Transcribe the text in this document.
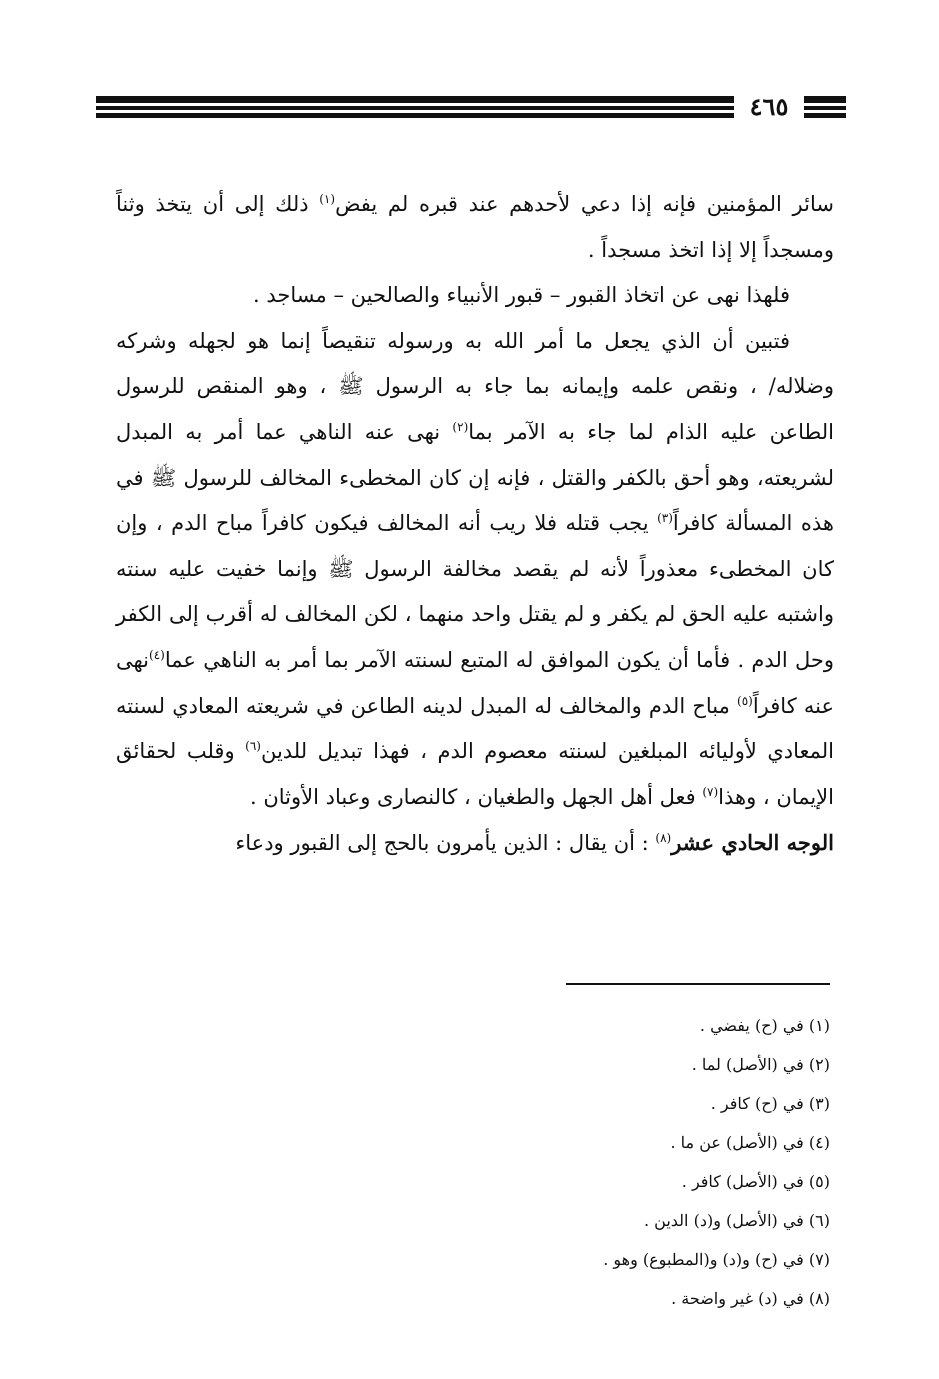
٤٦٥

سائر المؤمنين فإنه إذا دعي لأحدهم عند قبره لم يفض$^{(١)}$ ذلك إلى أن يتخذ وثناً ومسجداً إلا إذا اتخذ مسجداً .

فلهذا نهى عن اتخاذ القبور – قبور الأنبياء والصالحين – مساجد .

فتبين أن الذي يجعل ما أمر الله به ورسوله تنقيصاً إنما هو لجهله وشركه وضلاله/ ، ونقص علمه وإيمانه بما جاء به الرسول ﷺ ، وهو المنقص للرسول الطاعن عليه الذام لما جاء به الآمر بما$^{(٢)}$ نهى عنه الناهي عما أمر به المبدل لشريعته، وهو أحق بالكفر والقتل ، فإنه إن كان المخطىء المخالف للرسول ﷺ في هذه المسألة كافراً$^{(٣)}$ يجب قتله فلا ريب أنه المخالف فيكون كافراً مباح الدم ، وإن كان المخطىء معذوراً لأنه لم يقصد مخالفة الرسول ﷺ وإنما خفيت عليه سنته واشتبه عليه الحق لم يكفر و لم يقتل واحد منهما ، لكن المخالف له أقرب إلى الكفر وحل الدم . فأما أن يكون الموافق له المتبع لسنته الآمر بما أمر به الناهي عما$^{(٤)}$نهى عنه كافراً$^{(٥)}$ مباح الدم والمخالف له المبدل لدينه الطاعن في شريعته المعادي لسنته المعادي لأوليائه المبلغين لسنته معصوم الدم ، فهذا تبديل للدين$^{(٦)}$ وقلب لحقائق الإيمان ، وهذا$^{(٧)}$ فعل أهل الجهل والطغيان ، كالنصارى وعباد الأوثان .

الوجه الحادي عشر$^{(٨)}$ : أن يقال : الذين يأمرون بالحج إلى القبور ودعاء

(١) في (ح) يفضي .

(٢) في (الأصل) لما .

(٣) في (ح) كافر .

(٤) في (الأصل) عن ما .

(٥) في (الأصل) كافر .

(٦) في (الأصل) و(د) الدين .

(٧) في (ح) و(د) و(المطبوع) وهو .

(٨) في (د) غير واضحة .
